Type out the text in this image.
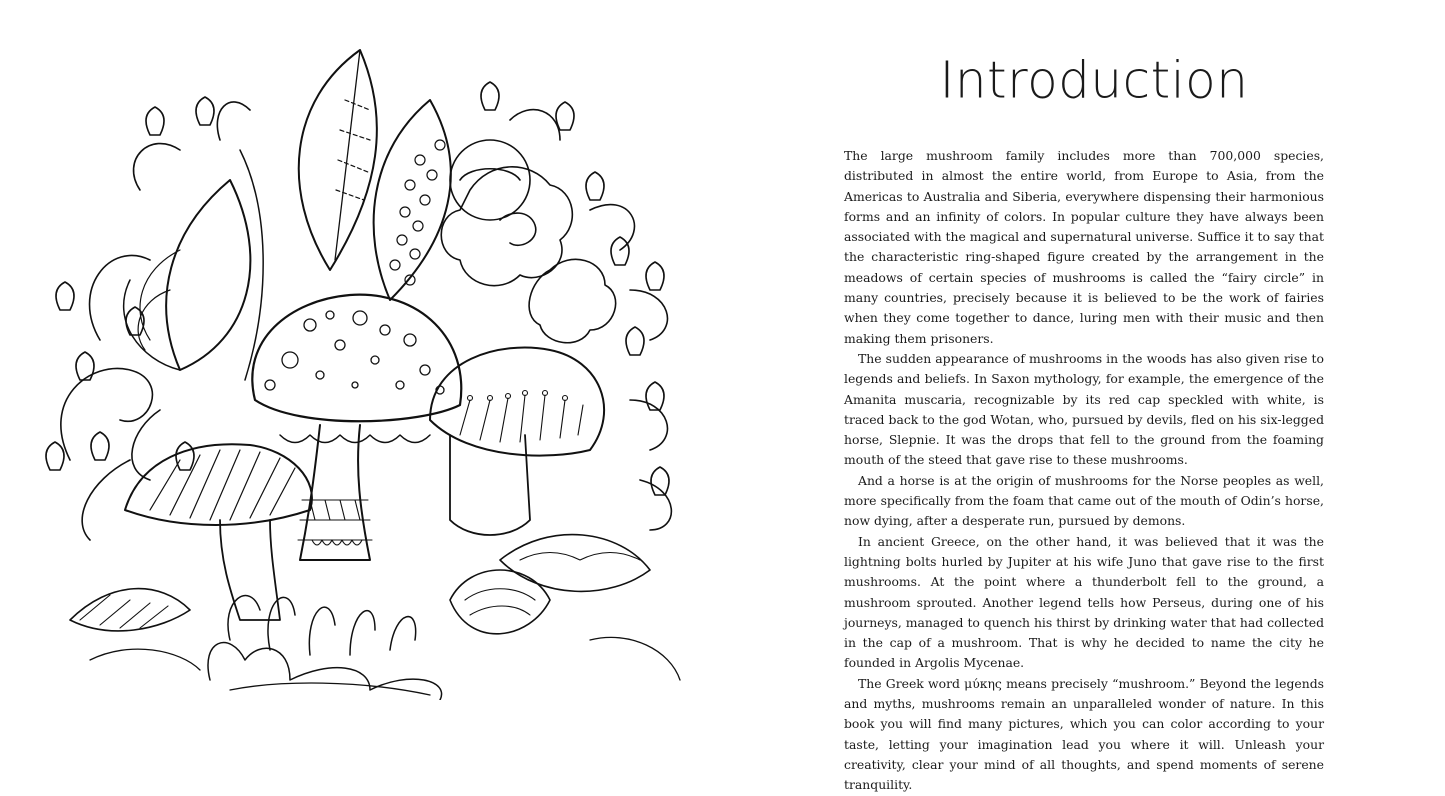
Introduction

The large mushroom family includes more than 700,000 species, distributed in almost the entire world, from Europe to Asia, from the Americas to Australia and Siberia, everywhere dispensing their harmonious forms and an infinity of colors. In popular culture they have always been associated with the magical and supernatural universe. Suffice it to say that the characteristic ring-shaped figure created by the arrangement in the meadows of certain species of mushrooms is called the “fairy circle” in many countries, precisely because it is believed to be the work of fairies when they come together to dance, luring men with their music and then making them prisoners.

The sudden appearance of mushrooms in the woods has also given rise to legends and beliefs. In Saxon mythology, for example, the emergence of the Amanita muscaria, recognizable by its red cap speckled with white, is traced back to the god Wotan, who, pursued by devils, fled on his six-legged horse, Slepnie. It was the drops that fell to the ground from the foaming mouth of the steed that gave rise to these mushrooms.

And a horse is at the origin of mushrooms for the Norse peoples as well, more specifically from the foam that came out of the mouth of Odin’s horse, now dying, after a desperate run, pursued by demons.

In ancient Greece, on the other hand, it was believed that it was the lightning bolts hurled by Jupiter at his wife Juno that gave rise to the first mushrooms. At the point where a thunderbolt fell to the ground, a mushroom sprouted. Another legend tells how Perseus, during one of his journeys, managed to quench his thirst by drinking water that had collected in the cap of a mushroom. That is why he decided to name the city he founded in Argolis Mycenae.

The Greek word μύκης means precisely “mushroom.” Beyond the legends and myths, mushrooms remain an unparalleled wonder of nature. In this book you will find many pictures, which you can color according to your taste, letting your imagination lead you where it will. Unleash your creativity, clear your mind of all thoughts, and spend moments of serene tranquility.
